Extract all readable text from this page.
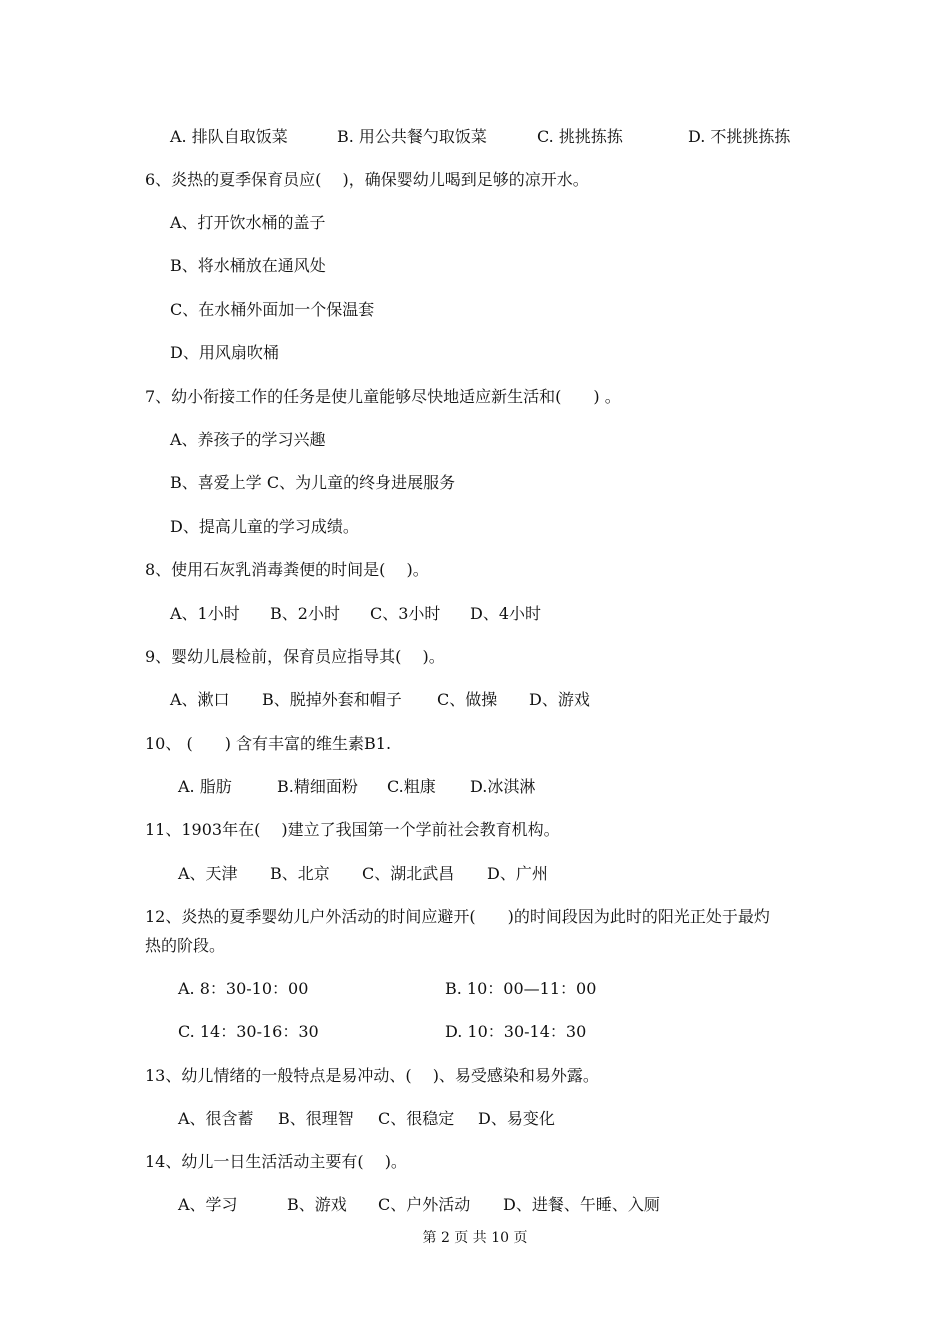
A. 排队自取饭菜	B. 用公共餐勺取饭菜	C. 挑挑拣拣	D. 不挑挑拣拣
6、炎热的夏季保育员应(　 )，确保婴幼儿喝到足够的凉开水。
A、打开饮水桶的盖子
B、将水桶放在通风处
C、在水桶外面加一个保温套
D、用风扇吹桶
7、幼小衔接工作的任务是使儿童能够尽快地适应新生活和(　　) 。
A、养孩子的学习兴趣
B、喜爱上学 C、为儿童的终身进展服务
D、提高儿童的学习成绩。
8、使用石灰乳消毒粪便的时间是(　 )。
A、1小时 B、2小时 C、3小时 D、4小时
9、婴幼儿晨检前，保育员应指导其(　 )。
A、漱口 B、脱掉外套和帽子 C、做操 D、游戏
10、 (　　) 含有丰富的维生素B1.
A. 脂肪	B.精细面粉 C.粗康 D.冰淇淋
11、1903年在(　 )建立了我国第一个学前社会教育机构。
A、天津 B、北京 C、湖北武昌 D、广州
12、炎热的夏季婴幼儿户外活动的时间应避开(　　)的时间段因为此时的阳光正处于最灼
热的阶段。
A. 8：30-10：00	B. 10：00—11：00
C. 14：30-16：30	D. 10：30-14：30
13、幼儿情绪的一般特点是易冲动、(　 )、易受感染和易外露。
A、很含蓄 B、很理智 C、很稳定 D、易变化
14、幼儿一日生活活动主要有(　 )。
A、学习	B、游戏 C、户外活动 D、进餐、午睡、入厕
第 2 页 共 10 页
